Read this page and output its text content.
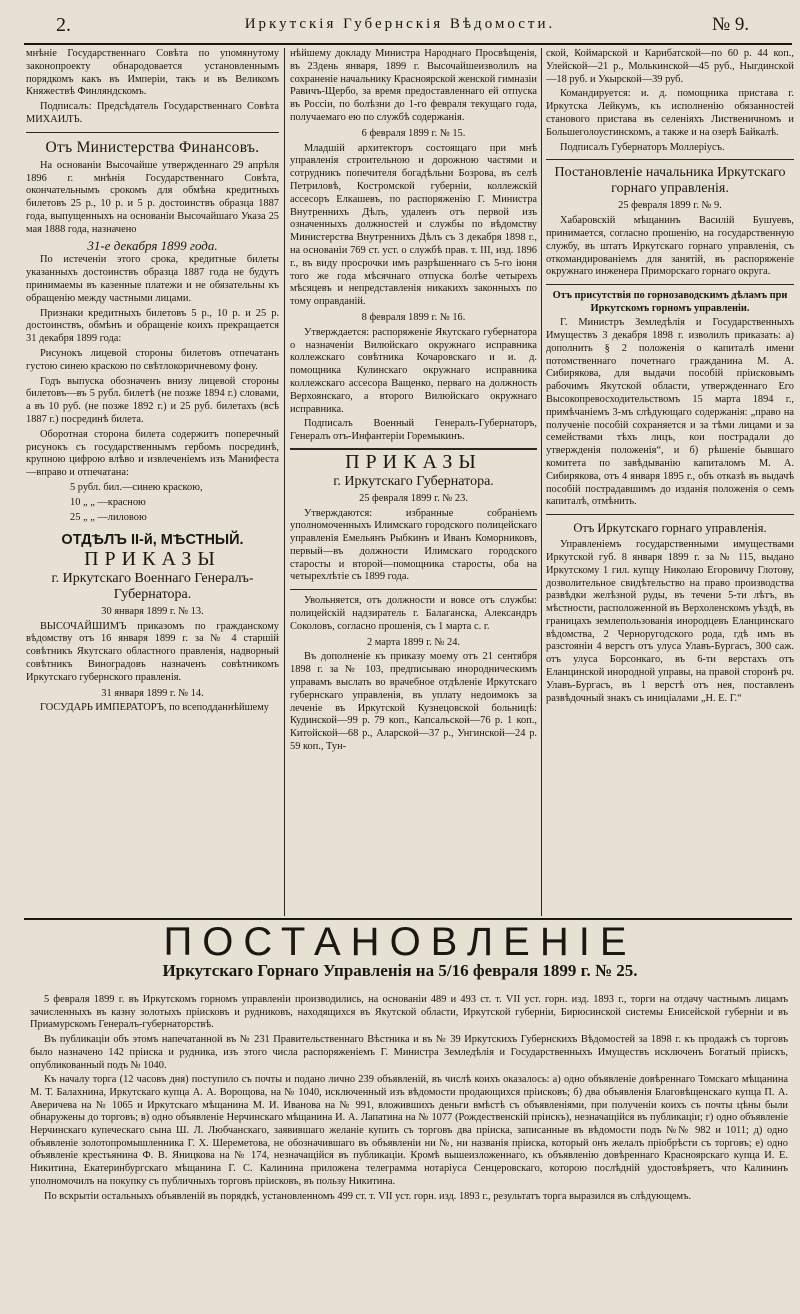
2.	Иркутскія Губернскія Вѣдомости.	№ 9.

мнѣніе Государственнаго Совѣта по упомянутому законопроекту обнародовается установленнымъ порядкомъ какъ въ Имперіи, такъ и въ Великомъ Княжествѣ Финляндскомъ.

Подписалъ: Предсѣдатель Государственнаго Совѣта МИХАИЛЪ.

Отъ Министерства Финансовъ.

На основаніи Высочайше утвержденнаго 29 апрѣля 1896 г. мнѣнія Государственнаго Совѣта, окончательнымъ срокомъ для обмѣна кредитныхъ билетовъ 25 р., 10 р. и 5 р. достоинствъ образца 1887 года, выпущенныхъ на основаніи Высочайшаго Указа 25 мая 1888 года, назначено

31-е декабря 1899 года.

По истеченіи этого срока, кредитные билеты указанныхъ достоинствъ образца 1887 года не будутъ принимаемы въ казенные платежи и не обязательны къ обращенію между частными лицами.

Признаки кредитныхъ билетовъ 5 р., 10 р. и 25 р. достоинствъ, обмѣнъ и обращеніе коихъ прекращается 31 декабря 1899 года:

Рисунокъ лицевой стороны билетовъ отпечатанъ густою синею краскою по свѣтлокоричневому фону.

Годъ выпуска обозначенъ внизу лицевой стороны билетовъ—въ 5 рубл. билетѣ (не позже 1894 г.) словами, а въ 10 руб. (не позже 1892 г.) и 25 руб. билетахъ (всѣ 1887 г.) посрединѣ билета.

Оборотная сторона билета содержитъ поперечный рисунокъ съ государственнымъ гербомъ посрединѣ, крупною цифрою влѣво и извлеченіемъ изъ Манифеста—вправо и отпечатана:

5 рубл. бил.—синею краскою,

10 „ „ —красною

25 „ „ —лиловою

ОТДѢЛЪ II-й, МѢСТНЫЙ.
ПРИКАЗЫ
г. Иркутскаго Военнаго Генералъ-Губернатора.

30 января 1899 г. № 13.

ВЫСОЧАЙШИМЪ приказомъ по гражданскому вѣдомству отъ 16 января 1899 г. за № 4 старшій совѣтникъ Якутскаго областного правленія, надворный совѣтникъ Виноградовъ назначенъ совѣтникомъ Иркутскаго губернского правленія.

31 января 1899 г. № 14.

ГОСУДАРЬ ИМПЕРАТОРЪ, по всеподданнѣйшему

нѣйшему докладу Министра Народнаго Просвѣщенія, въ 23день января, 1899 г. Высочайшеизволилъ на сохраненіе начальнику Красноярской женской гимназіи Равичъ-Щербо, за время предоставленнаго ей отпуска въ Россіи, по болѣзни до 1-го февраля текущаго года, получаемаго ею по службѣ содержанія.

6 февраля 1899 г. № 15.

Младшій архитекторъ состоящаго при мнѣ управленія строительною и дорожною частями и сотрудникъ попечителя богадѣльни Бозрова, въ селѣ Петриловѣ, Костромской губерніи, коллежскій ассесоръ Елкашевъ, по распоряженію Г. Министра Внутреннихъ Дѣлъ, удаленъ отъ первой изъ означенныхъ должностей и службы по вѣдомству Министерства Внутреннихъ Дѣлъ съ 3 декабря 1898 г., на основаніи 769 ст. уст. о службѣ прав. т. III, изд. 1896 г., въ виду просрочки имъ разрѣшеннаго съ 5-го іюня того же года мѣсячнаго отпуска болѣе четырехъ мѣсяцевъ и непредставленія никакихъ законныхъ по тому оправданій.

8 февраля 1899 г. № 16.

Утверждается: распоряженіе Якутскаго губернатора о назначеніи Вилюйскаго окружнаго исправника коллежскаго совѣтника Кочаровскаго и и. д. помощника Кулинскаго окружнаго исправника коллежскаго ассесора Ващенко, перваго на должность Верхоянскаго, а второго Вилюйскаго окружнаго исправника.

Подписалъ Военный Генералъ-Губернаторъ, Генералъ отъ-Инфантеріи Горемыкинъ.

ПРИКАЗЫ
г. Иркутскаго Губернатора.

25 февраля 1899 г. № 23.

Утверждаются: избранные собраніемъ уполномоченныхъ Илимскаго городского полицейскаго управленія Емельянъ Рыбкинъ и Иванъ Коморниковъ, первый—въ должности Илимскаго городского старосты и второй—помощника старосты, оба на четырехлѣтіе съ 1899 года.

Увольняется, отъ должности и вовсе отъ службы: полицейскій надзиратель г. Балаганска, Александръ Соколовъ, согласно прошенія, съ 1 марта с. г.

2 марта 1899 г. № 24.

Въ дополненіе къ приказу моему отъ 21 сентября 1898 г. за № 103, предписываю инородническимъ управамъ выслать во врачебное отдѣленіе Иркутскаго губернскаго управленія, въ уплату недоимокъ за леченіе въ Иркутской Кузнецовской больницѣ: Кудинской—99 р. 79 коп., Капсальской—76 р. 1 коп., Китойской—68 р., Аларской—37 р., Унгинской—24 р. 59 коп., Тун-

ской, Коймарской и Карибатской—по 60 р. 44 коп., Улейской—21 р., Молькинской—45 руб., Ныгдинской—18 руб. и Укырской—39 руб.

Командируется: и. д. помощника пристава г. Иркутска Лейкумъ, къ исполненію обязанностей станового пристава въ селеніяхъ Лиственичномъ и Большеголоустинскомъ, а также и на озерѣ Байкалѣ.

Подписалъ Губернаторъ Моллеріусъ.

Постановленіе начальника Иркутскаго горнаго управленія.

25 февраля 1899 г. № 9.

Хабаровскій мѣщанинъ Василій Бушуевъ, принимается, согласно прошенію, на государственную службу, въ штатъ Иркутскаго горнаго управленія, съ откомандированіемъ для занятій, въ распоряженіе окружнаго инженера Приморскаго горнаго округа.

Отъ присутствія по горнозаводскимъ дѣламъ при Иркутскомъ горномъ управленіи.

Г. Министръ Земледѣлія и Государственныхъ Имуществъ 3 декабря 1898 г. изволилъ приказать: а) дополнить § 2 положенія о капиталѣ имени потомственнаго почетнаго гражданина М. А. Сибирякова, для выдачи пособій пріисковымъ рабочимъ Якутской области, утвержденнаго Его Высокопревосходительствомъ 15 марта 1894 г., примѣчаніемъ 3-мъ слѣдующаго содержанія: „право на полученіе пособій сохраняется и за тѣми лицами и за семействами тѣхъ лицъ, кои пострадали до утвержденія положенія“, и б) рѣшеніе бывшаго комитета по завѣдыванію капиталомъ М. А. Сибирякова, отъ 4 января 1895 г., объ отказѣ въ выдачѣ пособій пострадавшимъ до изданія положенія о семъ капиталѣ, отмѣнить.

Отъ Иркутскаго горнаго управленія.

Управленіемъ государственными имуществами Иркутской губ. 8 января 1899 г. за № 115, выдано Иркутскому 1 гил. купцу Николаю Егоровичу Глотову, дозволительное свидѣтельство на право производства развѣдки желѣзной руды, въ течени 5-ти лѣтъ, въ мѣстности, расположенной въ Верхоленскомъ уѣздѣ, въ границахъ землепользованія инородцевъ Еланцинскаго вѣдомства, 2 Черноругодского рода, гдѣ имъ въ разстояніи 4 верстъ отъ улуса Улавъ-Бургасъ, 300 саж. отъ улуса Борсонкаго, въ 6-ти верстахъ отъ Еланцинской инородной управы, на правой сторонѣ рч. Улавъ-Бургасъ, въ 1 верстѣ отъ нея, поставленъ развѣдочный знакъ съ иниціалами „Н. Е. Г.“

ПОСТАНОВЛЕНІЕ
Иркутскаго Горнаго Управленія на 5/16 февраля 1899 г. № 25.

5 февраля 1899 г. въ Иркутскомъ горномъ управленіи производились, на основаніи 489 и 493 ст. т. VII уст. горн. изд. 1893 г., торги на отдачу частнымъ лицамъ зачисленныхъ въ казну золотыхъ пріисковъ и рудниковъ, находящихся въ Якутской области, Иркутской губерніи, Бирюсинской системы Енисейской губерніи и въ Приамурскомъ Генералъ-губернаторствѣ.

Въ публикаціи объ этомъ напечатанной въ № 231 Правительственнаго Вѣстника и въ № 39 Иркутскихъ Губернскихъ Вѣдомостей за 1898 г. къ продажѣ съ торговъ было назначено 142 пріиска и рудника, изъ этого числа распоряженіемъ Г. Министра Земледѣлія и Государственныхъ Имуществъ исключенъ Богатый пріискъ, опубликованный подъ № 1040.

Къ началу торга (12 часовъ дня) поступило съ почты и подано лично 239 объявленій, въ числѣ коихъ оказалось: а) одно объявленіе довѣреннаго Томскаго мѣщанина М. Т. Балахнина, Иркутскаго купца А. А. Ворощова, на № 1040, исключенный изъ вѣдомости продающихся пріисковъ; б) два объявленія Благовѣщенскаго купца П. А. Аверичева на № 1065 и Иркутскаго мѣщанина М. И. Иванова на № 991, вложившихъ деньги вмѣстѣ съ объявленіями, при полученіи коихъ съ почты цѣны были обнаружены до торговъ; в) одно объявленіе Нерчинскаго мѣщанина И. А. Лапатина на № 1077 (Рождественскій пріискъ), незначащійся въ публикаціи; г) одно объявленіе Нерчинскаго купеческаго сына Ш. Л. Любчанскаго, заявившаго желаніе купить съ торговъ два пріиска, записанные въ вѣдомости подъ №№ 982 и 1011; д) одно объявленіе золотопромышленника Г. Х. Шереметова, не обозначившаго въ объявленіи ни №, ни названія пріиска, который онъ желалъ пріобрѣсти съ торговъ; е) одно объявленіе крестьянина Ф. В. Яницкова на № 174, незначащійся въ публикаціи. Кромѣ вышеизложеннаго, къ объявленію довѣреннаго Красноярскаго купца И. Е. Никитина, Екатеринбургскаго мѣщанина Г. С. Калинина приложена телеграмма нотаріуса Сенцеровскаго, которою послѣдній удостовѣряетъ, что Калининъ уполномочилъ на покупку съ публичныхъ торговъ пріисковъ, въ пользу Никитина.

По вскрытіи остальныхъ объявленій въ порядкѣ, установленномъ 499 ст. т. VII уст. горн. изд. 1893 г., результатъ торга выразился въ слѣдующемъ.
